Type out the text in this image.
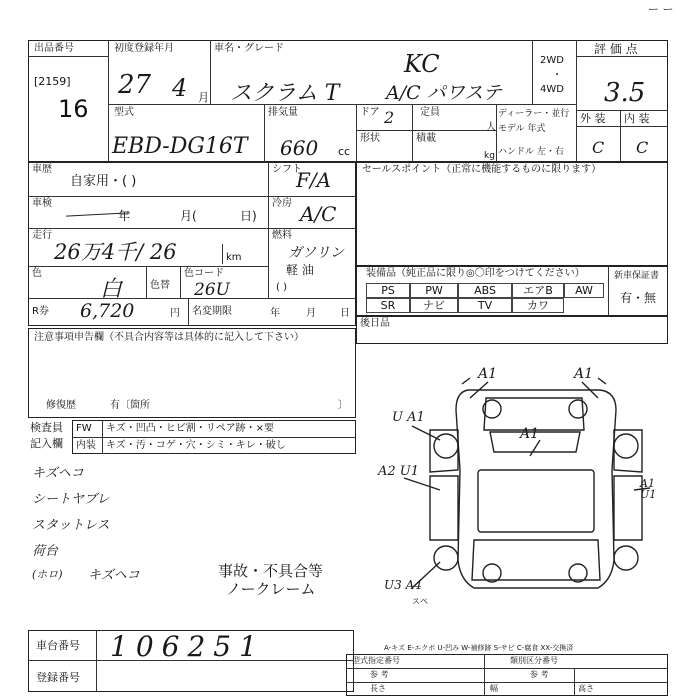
ー ー
出品番号
[2159]
16
初度登録年月
27 4 月
車名・グレード
スクラム T
KC
A/C パワステ
2WD
・
4WD
評 価 点
3.5
外 装 内 装
C C
型式
EBD-DG16T
排気量
660 cc
ドア 2	定員
人
形状	積載
kg
ディーラー・並行
モデル 年式
ハンドル 左・右
車歴
自家用・( )
シフト
F/A
車検
年	月(	日)
冷房 A/C
走行
26万4千/ 26	km
燃料
ガソリン
軽 油
( )
色
白	色替
色コード
26U
R券 6,720	円 名変期限	年	月 日
セールスポイント（正常に機能するものに限ります）
装備品（純正品に限り◎〇印をつけてください）	新車保証書
有・無
PS	PW	ABS	エアB	AW
SR	ナビ	TV	カワ
後日品
注意事項申告欄（不具合内容等は具体的に記入して下さい）
修復歴	有〔箇所	〕
検査員
記入欄
FW キズ・凹凸・ヒビ割・リペア跡・×要
内装 キズ・汚・コゲ・穴・シミ・キレ・破し
キズヘコ
シートヤブレ
スタットレス
荷台
(ホロ) キズヘコ	事故・不具合等
ノークレーム
A1	A1
U A1
A1
A2 U1
A1 U1
U3 A4
スペ
車台番号 106251
登録番号
A-キズ E-エクボ U-凹み W-補修跡 S-サビ C-腐食 XX-交換済
型式指定番号
参 考
類別区分番号
参 考
長さ	幅	高さ
